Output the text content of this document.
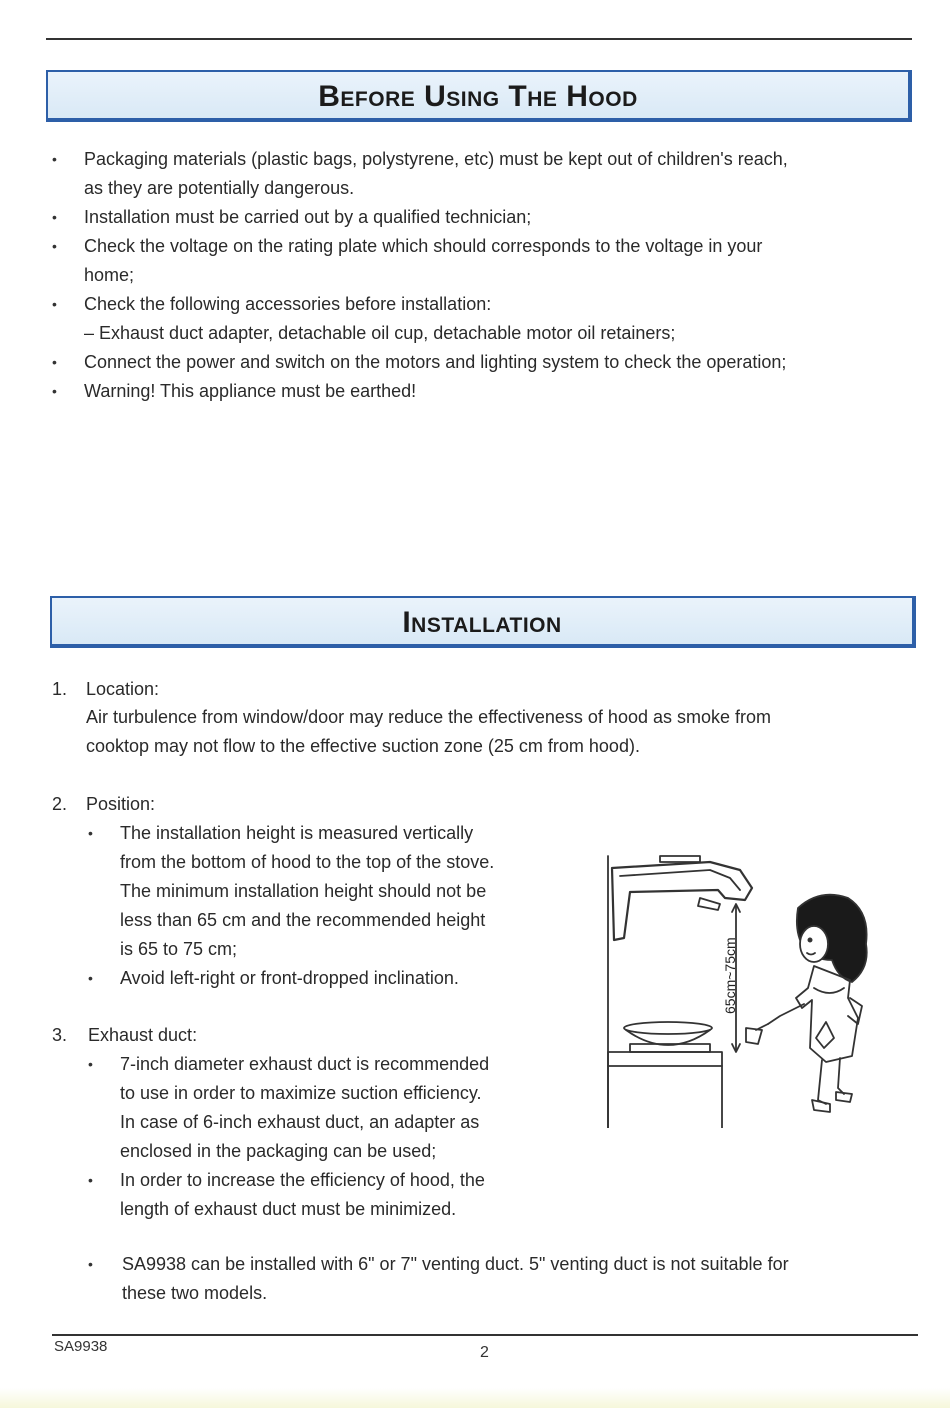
Before Using The Hood
• Packaging materials (plastic bags, polystyrene, etc) must be kept out of children's reach,
as they are potentially dangerous.
• Installation must be carried out by a qualified technician;
• Check the voltage on the rating plate which should corresponds to the voltage in your
home;
• Check the following accessories before installation:
– Exhaust duct adapter, detachable oil cup, detachable motor oil retainers;
• Connect the power and switch on the motors and lighting system to check the operation;
• Warning! This appliance must be earthed!
Installation
1. Location:
Air turbulence from window/door may reduce the effectiveness of hood as smoke from
cooktop may not flow to the effective suction zone (25 cm from hood).
2. Position:
• The installation height is measured vertically
from the bottom of hood to the top of the stove.
The minimum installation height should not be
less than 65 cm and the recommended height
is 65 to 75 cm;
• Avoid left-right or front-dropped inclination.
3. Exhaust duct:
• 7-inch diameter exhaust duct is recommended
to use in order to maximize suction efficiency.
In case of 6-inch exhaust duct, an adapter as
enclosed in the packaging can be used;
• In order to increase the efficiency of hood, the
length of exhaust duct must be minimized.
• SA9938 can be installed with 6" or 7" venting duct. 5" venting duct is not suitable for
these two models.
65cm~75cm
SA9938	2
